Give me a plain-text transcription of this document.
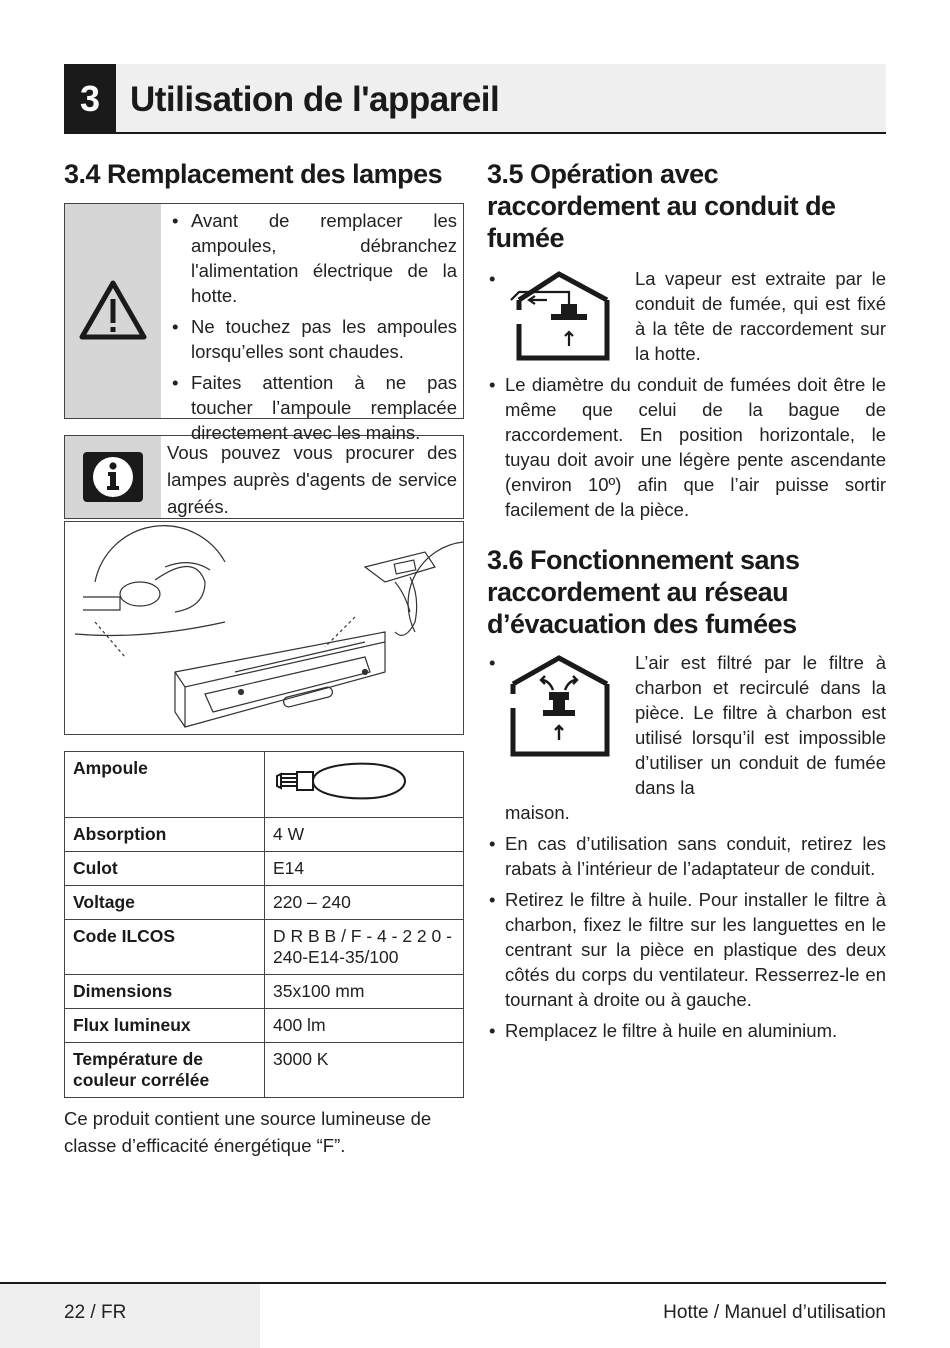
3 Utilisation de l'appareil
3.4 Remplacement des lampes
• Avant de remplacer les ampoules, débranchez l'alimentation électrique de la hotte.
• Ne touchez pas les ampoules lorsqu’elles sont chaudes.
• Faites attention à ne pas toucher l’ampoule remplacée directement avec les mains.
Vous pouvez vous procurer des lampes auprès d'agents de service agréés.
Ampoule	
Absorption	4 W
Culot	E14
Voltage	220 – 240
Code ILCOS	D R B B / F - 4 - 2 2 0 - 240-E14-35/100
Dimensions	35x100 mm
Flux lumineux	400 lm
Température de couleur corrélée	3000 K

Ce produit contient une source lumineuse de classe d’efficacité énergétique “F”.

3.5 Opération avec raccordement au conduit de fumée
•	La vapeur est extraite par le conduit de fumée, qui est fixé à la tête de raccordement sur la hotte.
• Le diamètre du conduit de fumées doit être le même que celui de la bague de raccordement. En position horizontale, le tuyau doit avoir une légère pente ascendante (environ 10º) afin que l’air puisse sortir facilement de la pièce.
3.6 Fonctionnement sans raccordement au réseau d’évacuation des fumées
•	L’air est filtré par le filtre à charbon et recirculé dans la pièce. Le filtre à charbon est utilisé lorsqu’il est impossible d’utiliser un conduit de fumée dans la
maison.
• En cas d’utilisation sans conduit, retirez les rabats à l’intérieur de l’adaptateur de conduit.
• Retirez le filtre à huile. Pour installer le filtre à charbon, fixez le filtre sur les languettes en le centrant sur la pièce en plastique des deux côtés du corps du ventilateur. Resserrez-le en tournant à droite ou à gauche.
• Remplacez le filtre à huile en aluminium.
22 / FR	Hotte / Manuel d’utilisation
